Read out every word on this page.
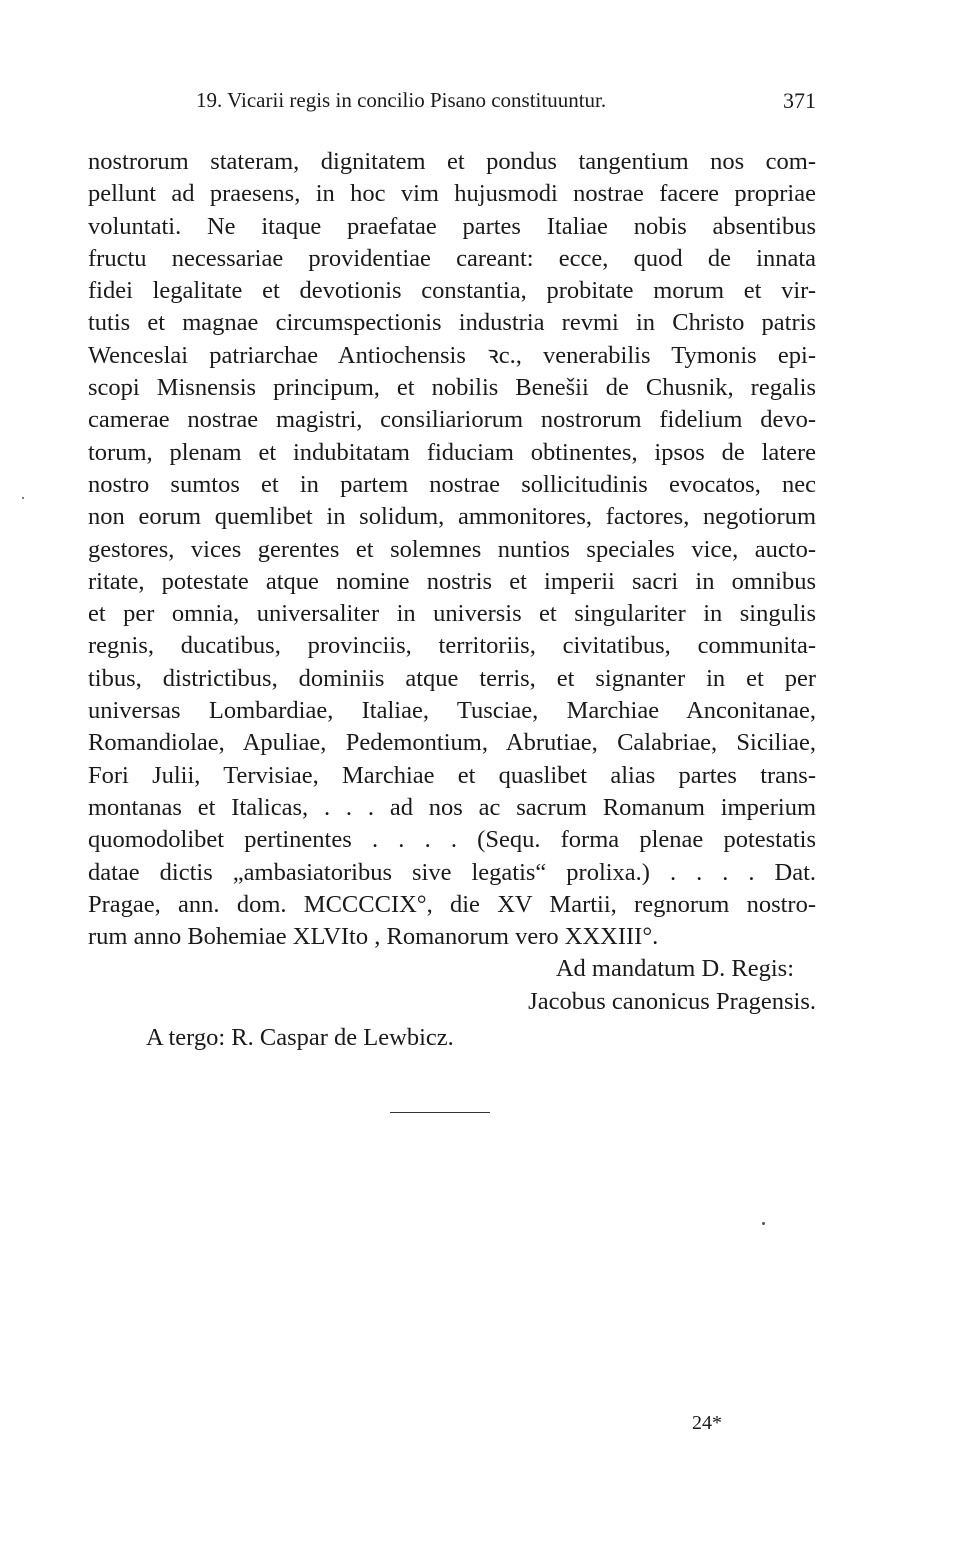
19. Vicarii regis in concilio Pisano constituuntur.	371
nostrorum stateram, dignitatem et pondus tangentium nos com-
pellunt ad praesens, in hoc vim hujusmodi nostrae facere propriae
voluntati. Ne itaque praefatae partes Italiae nobis absentibus
fructu necessariae providentiae careant: ecce, quod de innata
fidei legalitate et devotionis constantia, probitate morum et vir-
tutis et magnae circumspectionis industria revmi in Christo patris
Wenceslai patriarchae Antiochensis ꝛc., venerabilis Tymonis epi-
scopi Misnensis principum, et nobilis Benešii de Chusnik, regalis
camerae nostrae magistri, consiliariorum nostrorum fidelium devo-
torum, plenam et indubitatam fiduciam obtinentes, ipsos de latere
nostro sumtos et in partem nostrae sollicitudinis evocatos, nec
non eorum quemlibet in solidum, ammonitores, factores, negotiorum
gestores, vices gerentes et solemnes nuntios speciales vice, aucto-
ritate, potestate atque nomine nostris et imperii sacri in omnibus
et per omnia, universaliter in universis et singulariter in singulis
regnis, ducatibus, provinciis, territoriis, civitatibus, communita-
tibus, districtibus, dominiis atque terris, et signanter in et per
universas Lombardiae, Italiae, Tusciae, Marchiae Anconitanae,
Romandiolae, Apuliae, Pedemontium, Abrutiae, Calabriae, Siciliae,
Fori Julii, Tervisiae, Marchiae et quaslibet alias partes trans-
montanas et Italicas, . . . ad nos ac sacrum Romanum imperium
quomodolibet pertinentes . . . . (Sequ. forma plenae potestatis
datae dictis „ambasiatoribus sive legatis“ prolixa.) . . . . Dat.
Pragae, ann. dom. MCCCCIX°, die XV Martii, regnorum nostro-
rum anno Bohemiae XLVIto , Romanorum vero XXXIII°.
Ad mandatum D. Regis:
Jacobus canonicus Pragensis.
A tergo: R. Caspar de Lewbicz.
24*
